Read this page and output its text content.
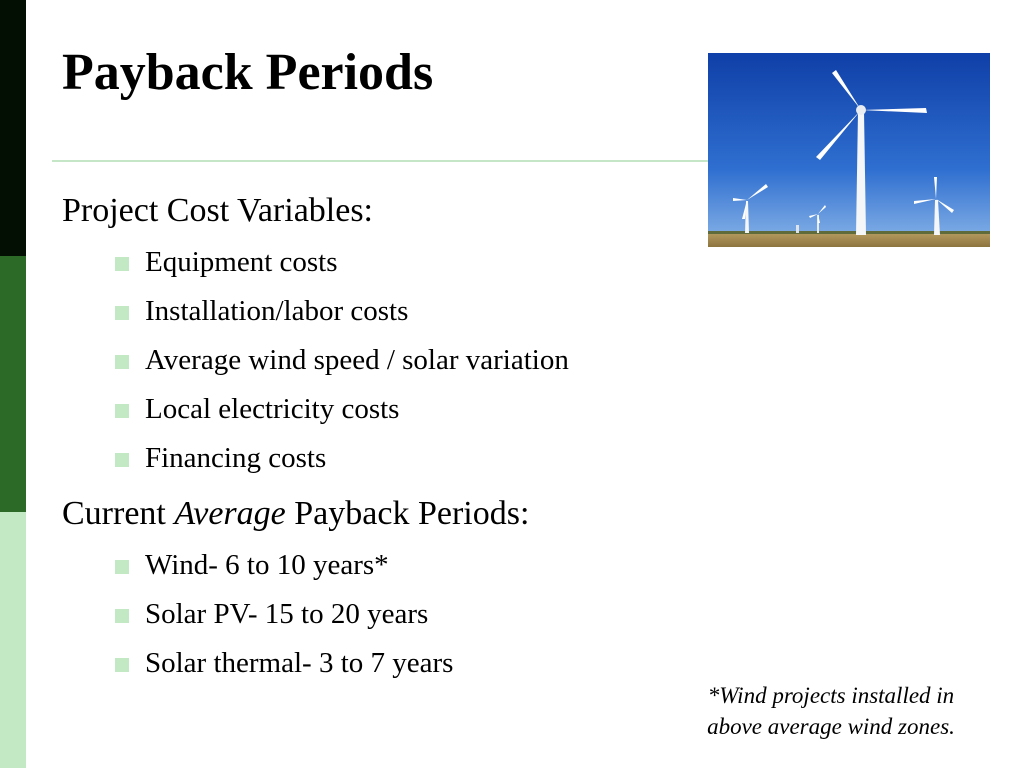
Payback Periods

Project Cost Variables:

Equipment costs
Installation/labor costs
Average wind speed / solar variation
Local electricity costs
Financing costs

Current Average Payback Periods:

Wind- 6 to 10 years*
Solar PV- 15 to 20 years
Solar thermal- 3 to 7 years
*Wind projects installed in
above average wind zones.
